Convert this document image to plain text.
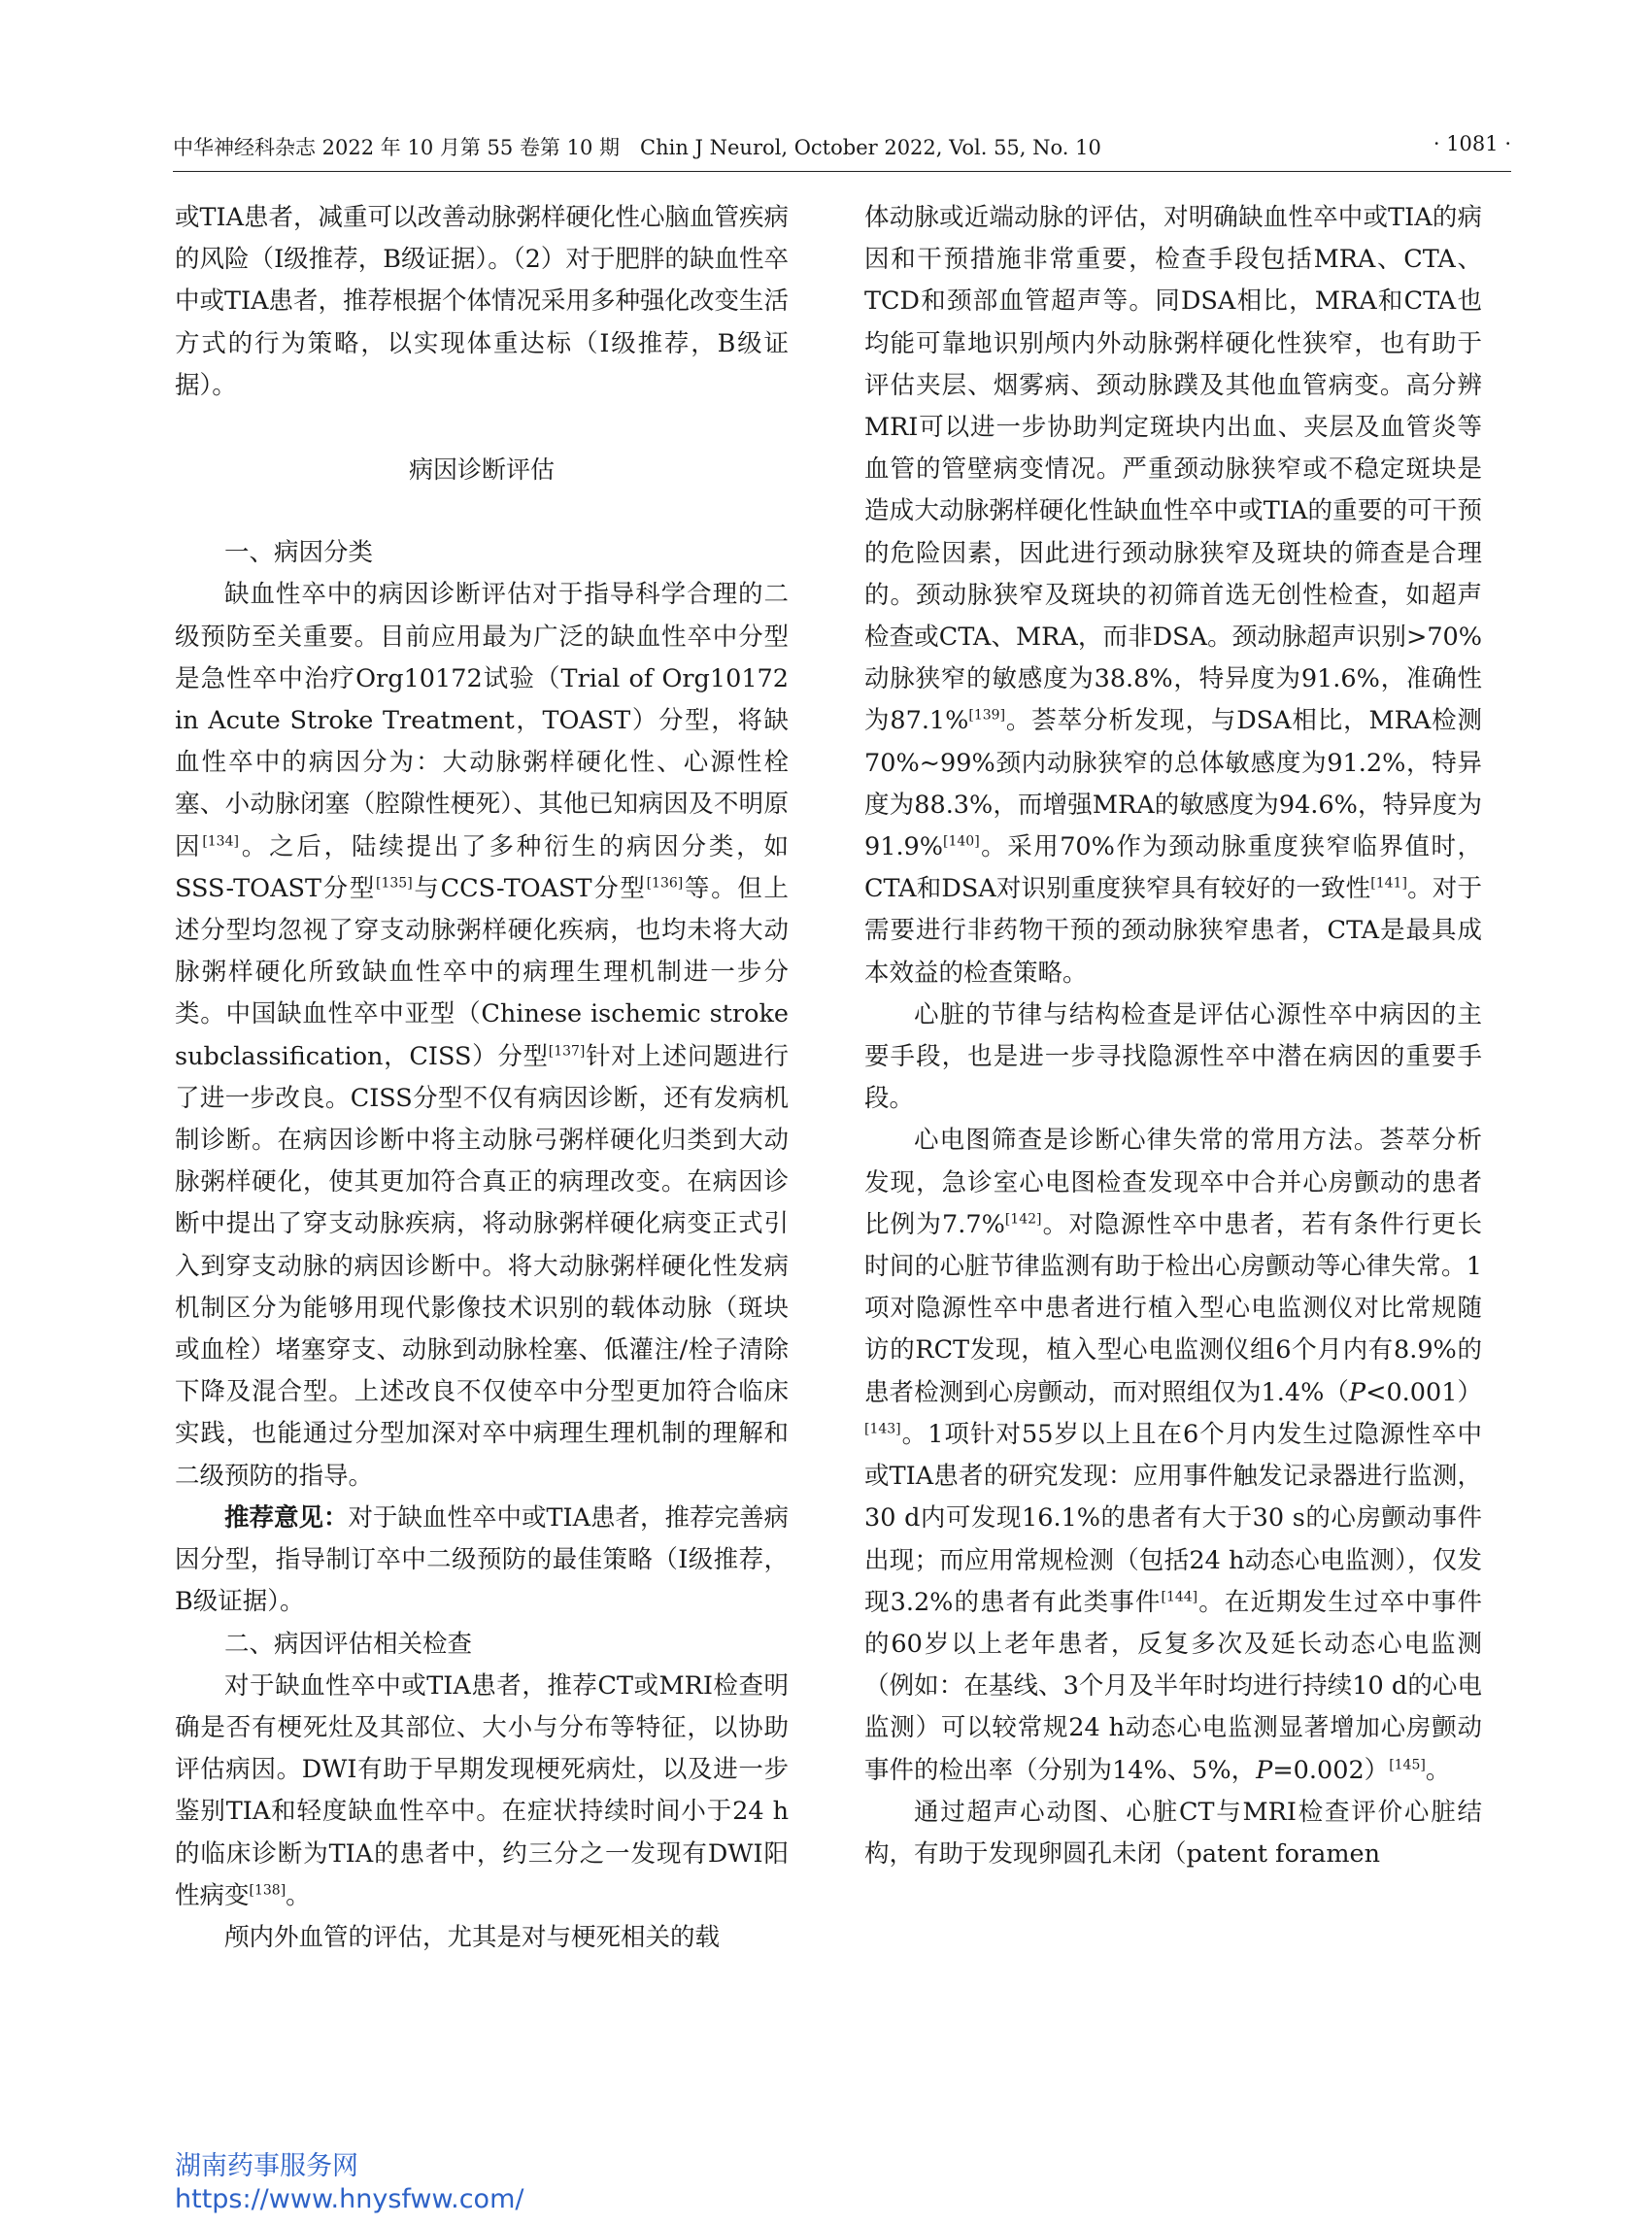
中华神经科杂志 2022 年 10 月第 55 卷第 10 期　Chin J Neurol, October 2022, Vol. 55, No. 10	· 1081 ·

或TIA患者，减重可以改善动脉粥样硬化性心脑血管疾病的风险（Ⅰ级推荐，B级证据）。（2）对于肥胖的缺血性卒中或TIA患者，推荐根据个体情况采用多种强化改变生活方式的行为策略，以实现体重达标（Ⅰ级推荐，B级证据）。

病因诊断评估

一、病因分类

缺血性卒中的病因诊断评估对于指导科学合理的二级预防至关重要。目前应用最为广泛的缺血性卒中分型是急性卒中治疗Org10172试验（Trial of Org10172 in Acute Stroke Treatment，TOAST）分型，将缺血性卒中的病因分为：大动脉粥样硬化性、心源性栓塞、小动脉闭塞（腔隙性梗死）、其他已知病因及不明原因[134]。之后，陆续提出了多种衍生的病因分类，如SSS-TOAST分型[135]与CCS-TOAST分型[136]等。但上述分型均忽视了穿支动脉粥样硬化疾病，也均未将大动脉粥样硬化所致缺血性卒中的病理生理机制进一步分类。中国缺血性卒中亚型（Chinese ischemic stroke subclassification，CISS）分型[137]针对上述问题进行了进一步改良。CISS分型不仅有病因诊断，还有发病机制诊断。在病因诊断中将主动脉弓粥样硬化归类到大动脉粥样硬化，使其更加符合真正的病理改变。在病因诊断中提出了穿支动脉疾病，将动脉粥样硬化病变正式引入到穿支动脉的病因诊断中。将大动脉粥样硬化性发病机制区分为能够用现代影像技术识别的载体动脉（斑块或血栓）堵塞穿支、动脉到动脉栓塞、低灌注/栓子清除下降及混合型。上述改良不仅使卒中分型更加符合临床实践，也能通过分型加深对卒中病理生理机制的理解和二级预防的指导。

推荐意见：对于缺血性卒中或TIA患者，推荐完善病因分型，指导制订卒中二级预防的最佳策略（Ⅰ级推荐，B级证据）。

二、病因评估相关检查

对于缺血性卒中或TIA患者，推荐CT或MRI检查明确是否有梗死灶及其部位、大小与分布等特征，以协助评估病因。DWI有助于早期发现梗死病灶，以及进一步鉴别TIA和轻度缺血性卒中。在症状持续时间小于24 h的临床诊断为TIA的患者中，约三分之一发现有DWI阳性病变[138]。

颅内外血管的评估，尤其是对与梗死相关的载

体动脉或近端动脉的评估，对明确缺血性卒中或TIA的病因和干预措施非常重要，检查手段包括MRA、CTA、TCD和颈部血管超声等。同DSA相比，MRA和CTA也均能可靠地识别颅内外动脉粥样硬化性狭窄，也有助于评估夹层、烟雾病、颈动脉蹼及其他血管病变。高分辨MRI可以进一步协助判定斑块内出血、夹层及血管炎等血管的管壁病变情况。严重颈动脉狭窄或不稳定斑块是造成大动脉粥样硬化性缺血性卒中或TIA的重要的可干预的危险因素，因此进行颈动脉狭窄及斑块的筛查是合理的。颈动脉狭窄及斑块的初筛首选无创性检查，如超声检查或CTA、MRA，而非DSA。颈动脉超声识别>70%动脉狭窄的敏感度为38.8%，特异度为91.6%，准确性为87.1%[139]。荟萃分析发现，与DSA相比，MRA检测70%~99%颈内动脉狭窄的总体敏感度为91.2%，特异度为88.3%，而增强MRA的敏感度为94.6%，特异度为91.9%[140]。采用70%作为颈动脉重度狭窄临界值时，CTA和DSA对识别重度狭窄具有较好的一致性[141]。对于需要进行非药物干预的颈动脉狭窄患者，CTA是最具成本效益的检查策略。

心脏的节律与结构检查是评估心源性卒中病因的主要手段，也是进一步寻找隐源性卒中潜在病因的重要手段。

心电图筛查是诊断心律失常的常用方法。荟萃分析发现，急诊室心电图检查发现卒中合并心房颤动的患者比例为7.7%[142]。对隐源性卒中患者，若有条件行更长时间的心脏节律监测有助于检出心房颤动等心律失常。1项对隐源性卒中患者进行植入型心电监测仪对比常规随访的RCT发现，植入型心电监测仪组6个月内有8.9%的患者检测到心房颤动，而对照组仅为1.4%（P<0.001）[143]。1项针对55岁以上且在6个月内发生过隐源性卒中或TIA患者的研究发现：应用事件触发记录器进行监测，30 d内可发现16.1%的患者有大于30 s的心房颤动事件出现；而应用常规检测（包括24 h动态心电监测），仅发现3.2%的患者有此类事件[144]。在近期发生过卒中事件的60岁以上老年患者，反复多次及延长动态心电监测（例如：在基线、3个月及半年时均进行持续10 d的心电监测）可以较常规24 h动态心电监测显著增加心房颤动事件的检出率（分别为14%、5%，P=0.002）[145]。

通过超声心动图、心脏CT与MRI检查评价心脏结构，有助于发现卵圆孔未闭（patent foramen

湖南药事服务网
https://www.hnysfww.com/
